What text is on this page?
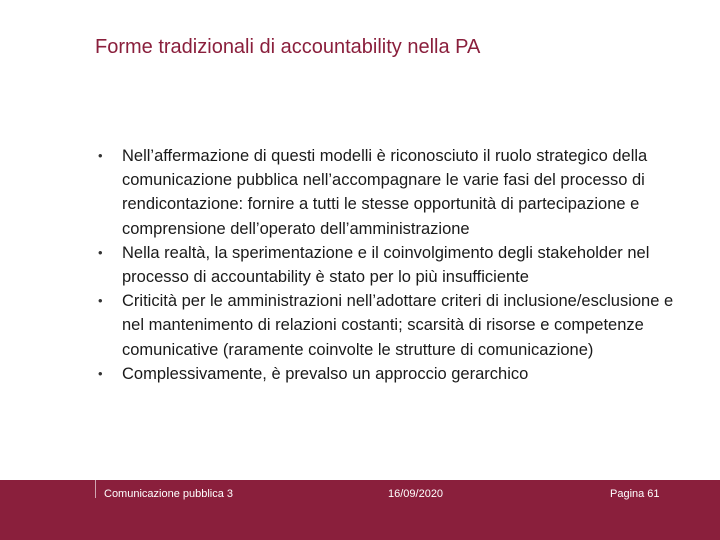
Forme tradizionali di accountability nella PA
• Nell’affermazione di questi modelli è riconosciuto il ruolo strategico della comunicazione pubblica nell’accompagnare le varie fasi del processo di rendicontazione: fornire a tutti le stesse opportunità di partecipazione e comprensione dell’operato dell’amministrazione
• Nella realtà, la sperimentazione e il coinvolgimento degli stakeholder nel processo di accountability è stato per lo più insufficiente
• Criticità per le amministrazioni nell’adottare criteri di inclusione/esclusione e nel mantenimento di relazioni costanti; scarsità di risorse e competenze comunicative (raramente coinvolte le strutture di comunicazione)
• Complessivamente, è prevalso un approccio gerarchico
Comunicazione pubblica 3	16/09/2020	Pagina 61
